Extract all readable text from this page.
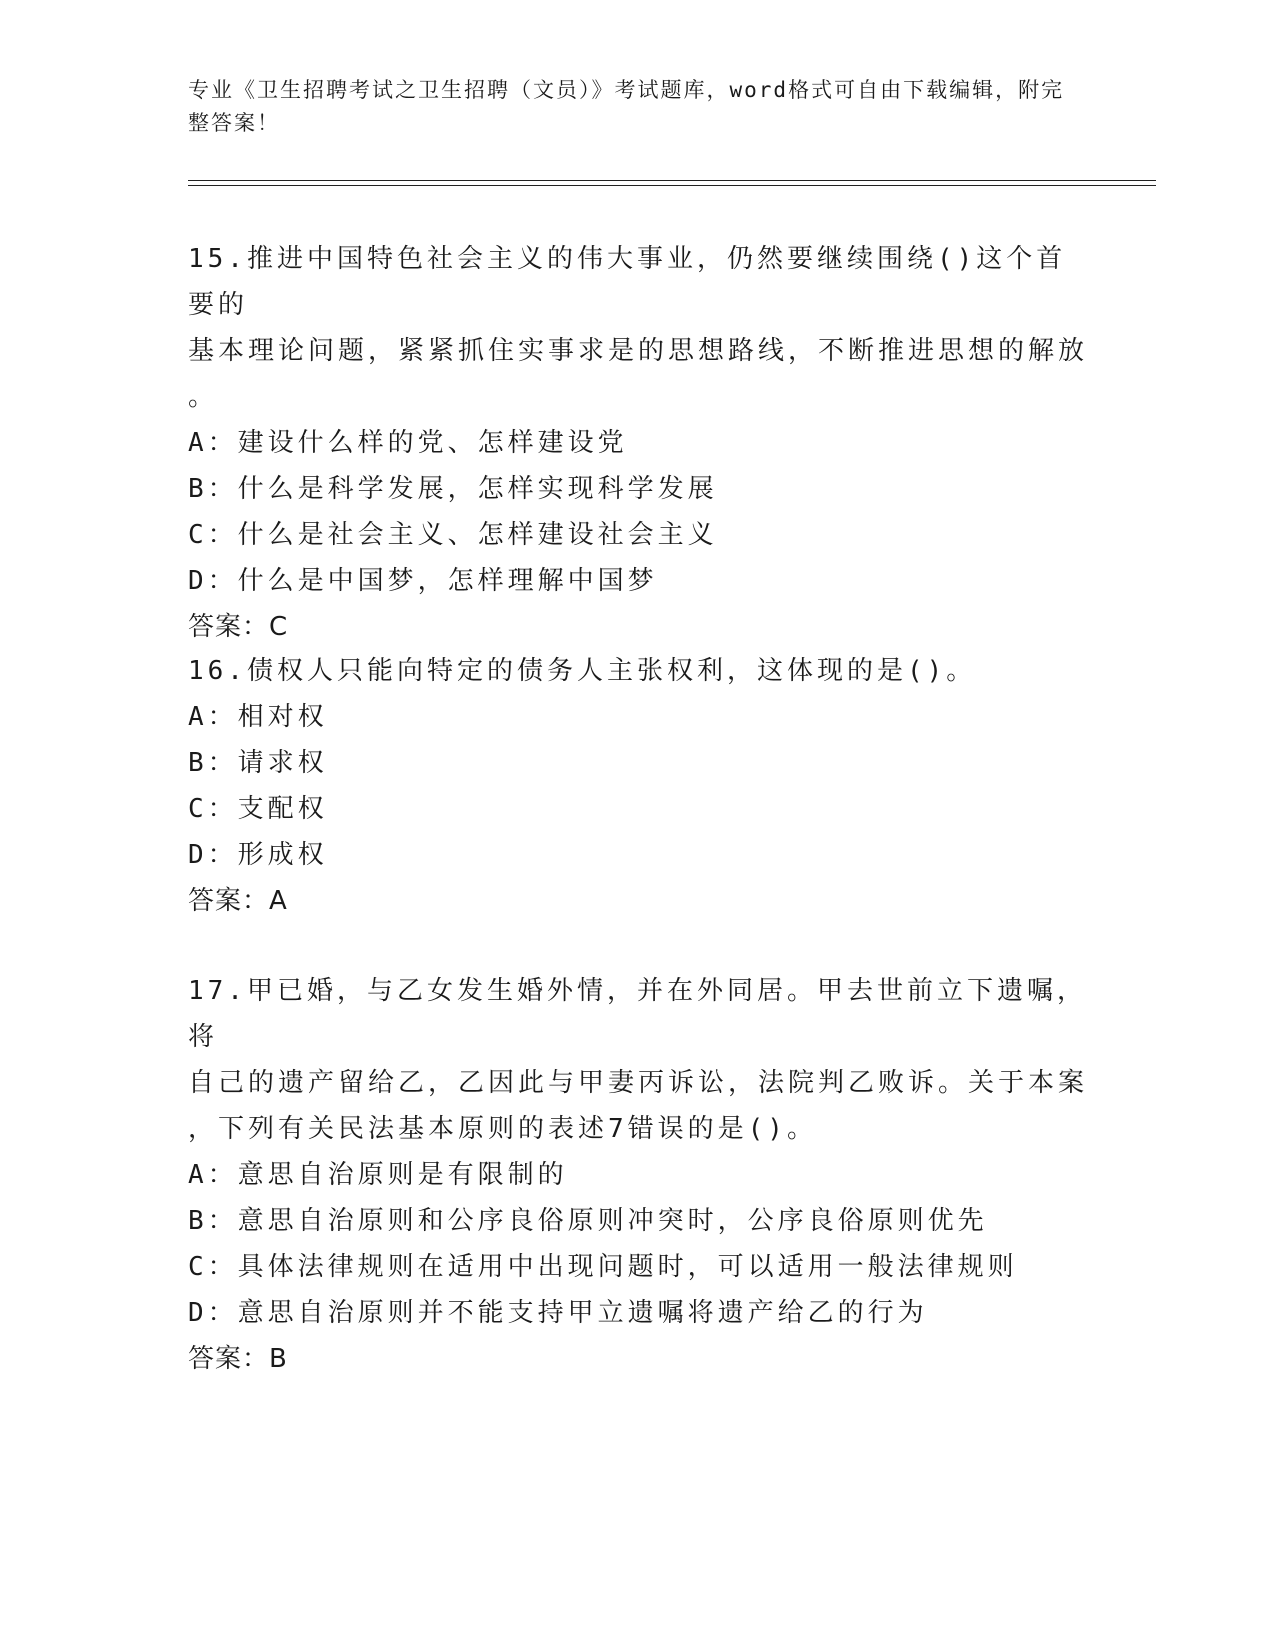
专业《卫生招聘考试之卫生招聘（文员）》考试题库，word格式可自由下载编辑，附完整答案！
15.推进中国特色社会主义的伟大事业，仍然要继续围绕()这个首要的
基本理论问题，紧紧抓住实事求是的思想路线，不断推进思想的解放
。
A：建设什么样的党、怎样建设党
B：什么是科学发展，怎样实现科学发展
C：什么是社会主义、怎样建设社会主义
D：什么是中国梦，怎样理解中国梦
答案：C
16.债权人只能向特定的债务人主张权利，这体现的是()。
A：相对权
B：请求权
C：支配权
D：形成权
答案：A
17.甲已婚，与乙女发生婚外情，并在外同居。甲去世前立下遗嘱，将
自己的遗产留给乙，乙因此与甲妻丙诉讼，法院判乙败诉。关于本案
，下列有关民法基本原则的表述7错误的是()。
A：意思自治原则是有限制的
B：意思自治原则和公序良俗原则冲突时，公序良俗原则优先
C：具体法律规则在适用中出现问题时，可以适用一般法律规则
D：意思自治原则并不能支持甲立遗嘱将遗产给乙的行为
答案：B
